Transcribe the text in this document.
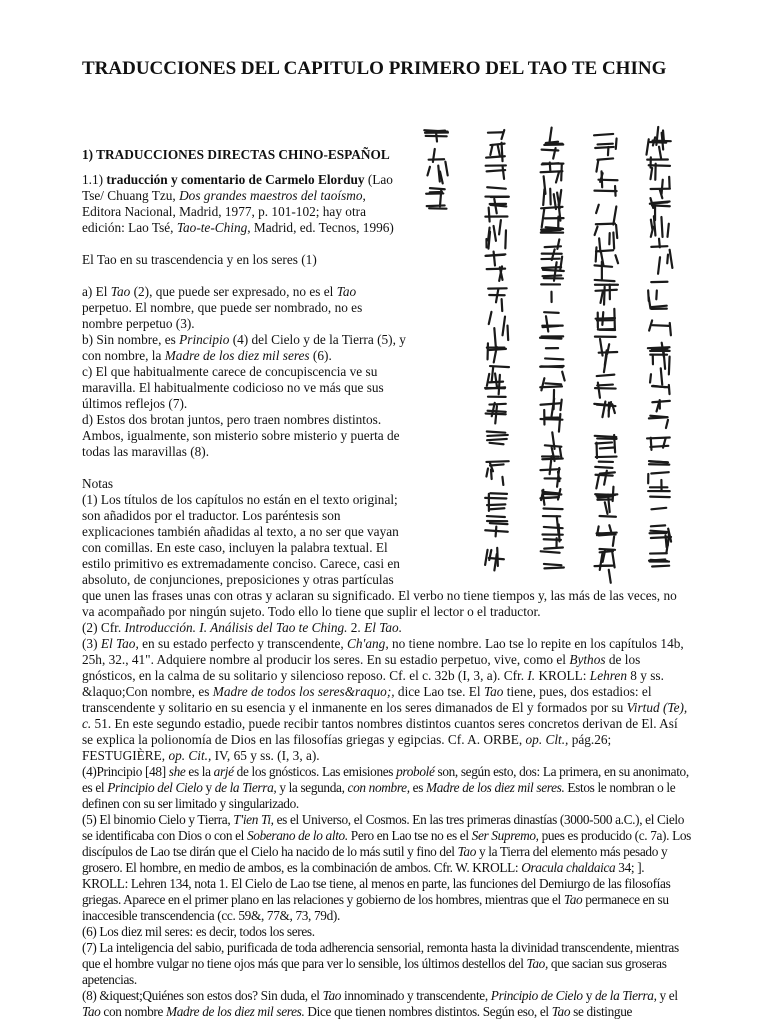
TRADUCCIONES DEL CAPITULO PRIMERO DEL TAO TE CHING
1) TRADUCCIONES DIRECTAS CHINO-ESPAÑOL

1.1) traducción y comentario de Carmelo Elorduy (Lao Tse/ Chuang Tzu, Dos grandes maestros del taoísmo, Editora Nacional, Madrid, 1977, p. 101-102; hay otra edición: Lao Tsé, Tao-te-Ching, Madrid, ed. Tecnos, 1996)

El Tao en su trascendencia y en los seres (1)

a) El Tao (2), que puede ser expresado, no es el Tao perpetuo. El nombre, que puede ser nombrado, no es nombre perpetuo (3).
b) Sin nombre, es Principio (4) del Cielo y de la Tierra (5), y con nombre, la Madre de los diez mil seres (6).
c) El que habitualmente carece de concupiscencia ve su maravilla. El habitualmente codicioso no ve más que sus últimos reflejos (7).
d) Estos dos brotan juntos, pero traen nombres distintos. Ambos, igualmente, son misterio sobre misterio y puerta de todas las maravillas (8).

Notas

(1) Los títulos de los capítulos no están en el texto original; son añadidos por el traductor. Los paréntesis son explicaciones también añadidas al texto, a no ser que vayan con comillas. En este caso, incluyen la palabra textual. El estilo primitivo es extremadamente conciso. Carece, casi en absoluto, de conjunciones, preposiciones y otras partículas que unen las frases unas con otras y aclaran su significado. El verbo no tiene tiempos y, las más de las veces, no va acompañado por ningún sujeto. Todo ello lo tiene que suplir el lector o el traductor.

(2) Cfr. Introducción. I. Análisis del Tao te Ching. 2. El Tao.

(3) El Tao, en su estado perfecto y transcendente, Ch'ang, no tiene nombre. Lao tse lo repite en los capítulos 14b, 25h, 32., 41". Adquiere nombre al producir los seres. En su estadio perpetuo, vive, como el Bythos de los gnósticos, en la calma de su solitario y silencioso reposo. Cf. el c. 32b (I, 3, a). Cfr. I. KROLL: Lehren 8 y ss. &laquo;Con nombre, es Madre de todos los seres&raquo;, dice Lao tse. El Tao tiene, pues, dos estadios: el transcendente y solitario en su esencia y el inmanente en los seres dimanados de El y formados por su Virtud (Te), c. 51. En este segundo estadio, puede recibir tantos nombres distintos cuantos seres concretos derivan de El. Así se explica la polionomía de Dios en las filosofías griegas y egipcias. Cf. A. ORBE, op. Clt., pág.26; FESTUGIÈRE, op. Cit., IV, 65 y ss. (I, 3, a).

(4)Principio [48] she es la arjé de los gnósticos. Las emisiones probolé son, según esto, dos: La primera, en su anonimato, es el Principio del Cielo y de la Tierra, y la segunda, con nombre, es Madre de los diez mil seres. Estos le nombran o le definen con su ser limitado y singularizado.

(5) El binomio Cielo y Tierra, T'ien Ti, es el Universo, el Cosmos. En las tres primeras dinastías (3000-500 a.C.), el Cielo se identificaba con Dios o con el Soberano de lo alto. Pero en Lao tse no es el Ser Supremo, pues es producido (c. 7a). Los discípulos de Lao tse dirán que el Cielo ha nacido de lo más sutil y fino del Tao y la Tierra del elemento más pesado y grosero. El hombre, en medio de ambos, es la combinación de ambos. Cfr. W. KROLL: Oracula chaldaica 34; ]. KROLL: Lehren 134, nota 1. El Cielo de Lao tse tiene, al menos en parte, las funciones del Demiurgo de las filosofías griegas. Aparece en el primer plano en las relaciones y gobierno de los hombres, mientras que el Tao permanece en su inaccesible transcendencia (cc. 59&, 77&, 73, 79d).

(6) Los diez mil seres: es decir, todos los seres.

(7) La inteligencia del sabio, purificada de toda adherencia sensorial, remonta hasta la divinidad transcendente, mientras que el hombre vulgar no tiene ojos más que para ver lo sensible, los últimos destellos del Tao, que sacian sus groseras apetencias.

(8) &iquest;Quiénes son estos dos? Sin duda, el Tao innominado y transcendente, Principio de Cielo y de la Tierra, y el Tao con nombre Madre de los diez mil seres. Dice que tienen nombres distintos. Según eso, el Tao se distingue
